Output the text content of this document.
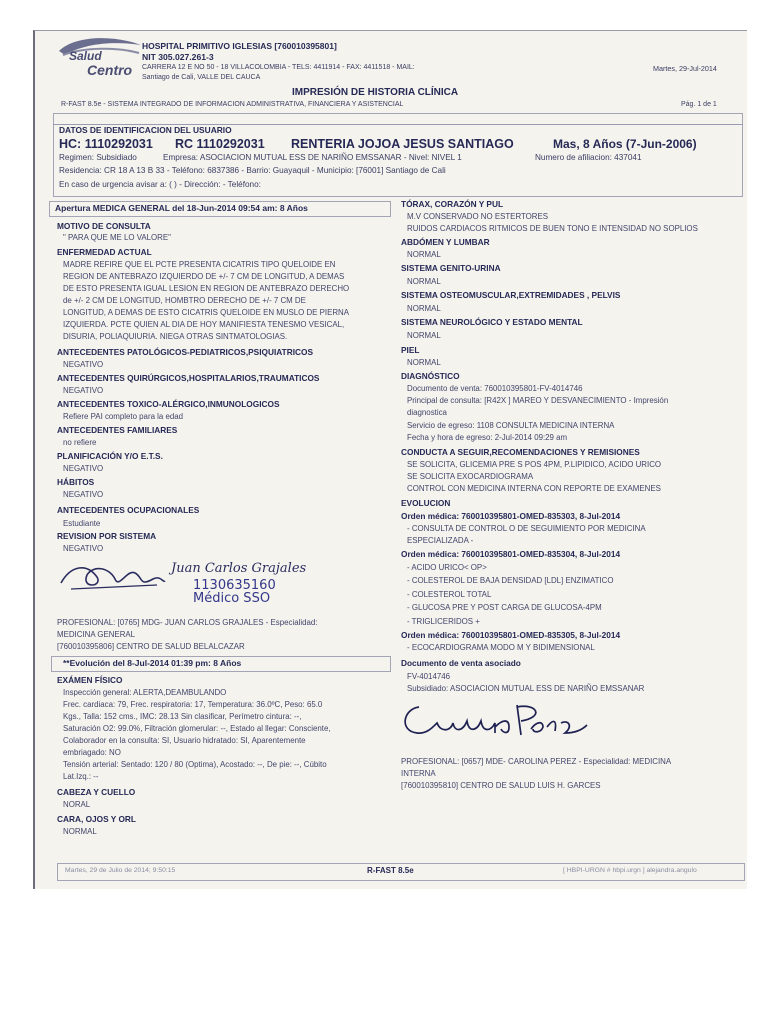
Salud
Centro
HOSPITAL PRIMITIVO IGLESIAS [760010395801]
NIT 305.027.261-3
CARRERA 12 E NO 50 - 18 VILLACOLOMBIA - TELS: 4411914 - FAX: 4411518 - MAIL:
Santiago de Cali, VALLE DEL CAUCA
Martes, 29-Jul-2014
IMPRESIÓN DE HISTORIA CLÍNICA
R-FAST 8.5e - SISTEMA INTEGRADO DE INFORMACION ADMINISTRATIVA, FINANCIERA Y ASISTENCIAL	Pág. 1 de 1
DATOS DE IDENTIFICACION DEL USUARIO
HC: 1110292031 RC 1110292031 RENTERIA JOJOA JESUS SANTIAGO	Mas, 8 Años (7-Jun-2006)
Regimen: Subsidiado	Empresa: ASOCIACION MUTUAL ESS DE NARIÑO EMSSANAR - Nivel: NIVEL 1	Numero de afiliacion: 437041
Residencia: CR 18 A 13 B 33 - Teléfono: 6837386 - Barrio: Guayaquil - Municipio: [76001] Santiago de Cali
En caso de urgencia avisar a: ( ) - Dirección: - Teléfono:
Apertura MEDICA GENERAL del 18-Jun-2014 09:54 am: 8 Años
MOTIVO DE CONSULTA
" PARA QUE ME LO VALORE"
ENFERMEDAD ACTUAL
MADRE REFIRE QUE EL PCTE PRESENTA CICATRIS TIPO QUELOIDE EN
REGION DE ANTEBRAZO IZQUIERDO DE +/- 7 CM DE LONGITUD, A DEMAS
DE ESTO PRESENTA IGUAL LESION EN REGION DE ANTEBRAZO DERECHO
de +/- 2 CM DE LONGITUD, HOMBTRO DERECHO DE +/- 7 CM DE
LONGITUD, A DEMAS DE ESTO CICATRIS QUELOIDE EN MUSLO DE PIERNA
IZQUIERDA. PCTE QUIEN AL DIA DE HOY MANIFIESTA TENESMO VESICAL,
DISURIA, POLIAQUIURIA. NIEGA OTRAS SINTMATOLOGIAS.
ANTECEDENTES PATOLÓGICOS-PEDIATRICOS,PSIQUIATRICOS
NEGATIVO
ANTECEDENTES QUIRÚRGICOS,HOSPITALARIOS,TRAUMATICOS
NEGATIVO
ANTECEDENTES TOXICO-ALÉRGICO,INMUNOLOGICOS
Refiere PAI completo para la edad
ANTECEDENTES FAMILIARES
no refiere
PLANIFICACIÓN Y/O E.T.S.
NEGATIVO
HÁBITOS
NEGATIVO
ANTECEDENTES OCUPACIONALES
Estudiante
REVISION POR SISTEMA
NEGATIVO
Juan Carlos Grajales
1130635160
Médico SSO
PROFESIONAL: [0765] MDG- JUAN CARLOS GRAJALES - Especialidad:
MEDICINA GENERAL
[760010395806] CENTRO DE SALUD BELALCAZAR
**Evolución del 8-Jul-2014 01:39 pm: 8 Años
EXÁMEN FÍSICO
Inspección general: ALERTA,DEAMBULANDO
Frec. cardiaca: 79, Frec. respiratoria: 17, Temperatura: 36.0ºC, Peso: 65.0
Kgs., Talla: 152 cms., IMC: 28.13 Sin clasificar, Perímetro cintura: --,
Saturación O2: 99.0%, Filtración glomerular: --, Estado al llegar: Consciente,
Colaborador en la consulta: SI, Usuario hidratado: SI, Aparentemente
embriagado: NO
Tensión arterial: Sentado: 120 / 80 (Optima), Acostado: --, De pie: --, Cúbito
Lat.Izq.: --
CABEZA Y CUELLO
NORAL
CARA, OJOS Y ORL
NORMAL
TÓRAX, CORAZÓN Y PUL
M.V CONSERVADO NO ESTERTORES
RUIDOS CARDIACOS RITMICOS DE BUEN TONO E INTENSIDAD NO SOPLIOS
ABDÓMEN Y LUMBAR
NORMAL
SISTEMA GENITO-URINA
NORMAL
SISTEMA OSTEOMUSCULAR,EXTREMIDADES , PELVIS
NORMAL
SISTEMA NEUROLÓGICO Y ESTADO MENTAL
NORMAL
PIEL
NORMAL
DIAGNÓSTICO
Documento de venta: 760010395801-FV-4014746
Principal de consulta: [R42X ] MAREO Y DESVANECIMIENTO - Impresión
diagnostica
Servicio de egreso: 1108 CONSULTA MEDICINA INTERNA
Fecha y hora de egreso: 2-Jul-2014 09:29 am
CONDUCTA A SEGUIR,RECOMENDACIONES Y REMISIONES
SE SOLICITA, GLICEMIA PRE S POS 4PM, P.LIPIDICO, ACIDO URICO
SE SOLICITA EXOCARDIOGRAMA
CONTROL CON MEDICINA INTERNA CON REPORTE DE EXAMENES
EVOLUCION
Orden médica: 760010395801-OMED-835303, 8-Jul-2014
- CONSULTA DE CONTROL O DE SEGUIMIENTO POR MEDICINA
ESPECIALIZADA -
Orden médica: 760010395801-OMED-835304, 8-Jul-2014
- ACIDO URICO< OP>
- COLESTEROL DE BAJA DENSIDAD [LDL] ENZIMATICO
- COLESTEROL TOTAL
- GLUCOSA PRE Y POST CARGA DE GLUCOSA-4PM
- TRIGLICERIDOS +
Orden médica: 760010395801-OMED-835305, 8-Jul-2014
- ECOCARDIOGRAMA MODO M Y BIDIMENSIONAL
Documento de venta asociado
FV-4014746
Subsidiado: ASOCIACION MUTUAL ESS DE NARIÑO EMSSANAR
PROFESIONAL: [0657] MDE- CAROLINA PEREZ - Especialidad: MEDICINA
INTERNA
[760010395810] CENTRO DE SALUD LUIS H. GARCES
Martes, 29 de Julio de 2014; 9:50:15	R-FAST 8.5e	[ HBPI-URGN # hbpi.urgn ] alejandra.angulo
